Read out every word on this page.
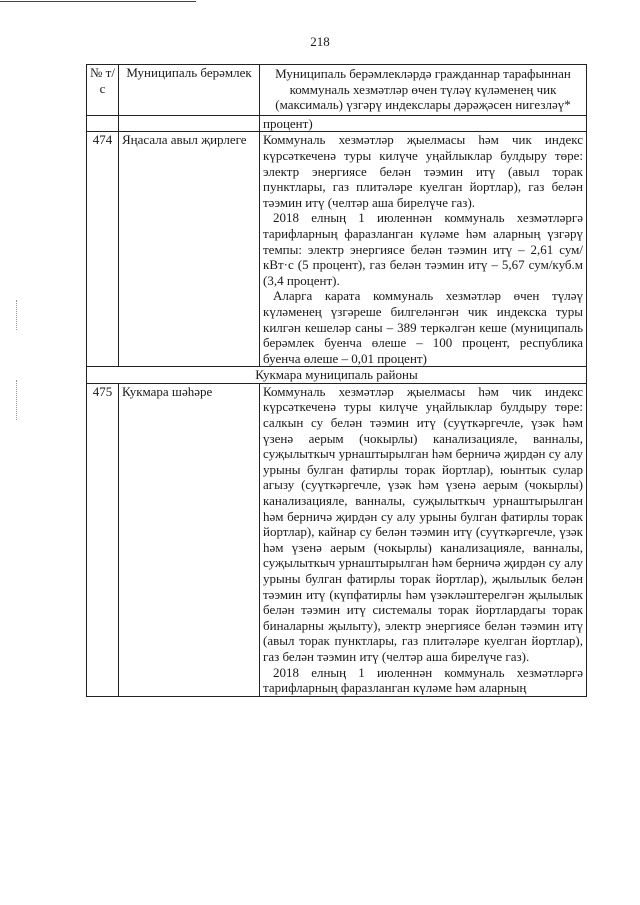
218
№ т/с	Муниципаль берәмлек	Муниципаль берәмлекләрдә гражданнар тарафыннан коммуналь хезмәтләр өчен түләү күләменең чик (максималь) үзгәрү индекслары дәрәҗәсен нигезләү*
		процент)
474	Яңасала авыл җирлеге	Коммуналь хезмәтләр җыелмасы һәм чик индекс күрсәткеченә туры килүче уңайлыклар булдыру төре: электр энергиясе белән тәэмин итү (авыл торак пунктлары, газ плитәләре куелган йортлар), газ белән тәэмин итү (челтәр аша бирелүче газ).
2018 елның 1 июленнән коммуналь хезмәтләргә тарифларның фаразланган күләме һәм аларның үзгәрү темпы: электр энергиясе белән тәэмин итү – 2,61 сум/кВт·с (5 процент), газ белән тәэмин итү – 5,67 сум/куб.м (3,4 процент).
Аларга карата коммуналь хезмәтләр өчен түләү күләменең үзгәреше билгеләнгән чик индекска туры килгән кешеләр саны – 389 теркәлгән кеше (муниципаль берәмлек буенча өлеше – 100 процент, республика буенча өлеше – 0,01 процент)

Кукмара муниципаль районы		
475	Кукмара шәһәре	Коммуналь хезмәтләр җыелмасы һәм чик индекс күрсәткеченә туры килүче уңайлыклар булдыру төре: салкын су белән тәэмин итү (суүткәргечле, үзәк һәм үзенә аерым (чокырлы) канализацияле, ванналы, суҗылыткыч урнаштырылган һәм берничә җирдән су алу урыны булган фатирлы торак йортлар), юынтык сулар агызу (суүткәргечле, үзәк һәм үзенә аерым (чокырлы) канализацияле, ванналы, суҗылыткыч урнаштырылган һәм берничә җирдән су алу урыны булган фатирлы торак йортлар), кайнар су белән тәэмин итү (суүткәргечле, үзәк һәм үзенә аерым (чокырлы) канализацияле, ванналы, суҗылыткыч урнаштырылган һәм берничә җирдән су алу урыны булган фатирлы торак йортлар), җылылык белән тәэмин итү (күпфатирлы һәм үзәкләштерелгән җылылык белән тәэмин итү системалы торак йортлардагы торак биналарны җылыту), электр энергиясе белән тәэмин итү (авыл торак пунктлары, газ плитәләре куелган йортлар), газ белән тәэмин итү (челтәр аша бирелүче газ).
2018 елның 1 июленнән коммуналь хезмәтләргә тарифларның фаразланган күләме һәм аларның
